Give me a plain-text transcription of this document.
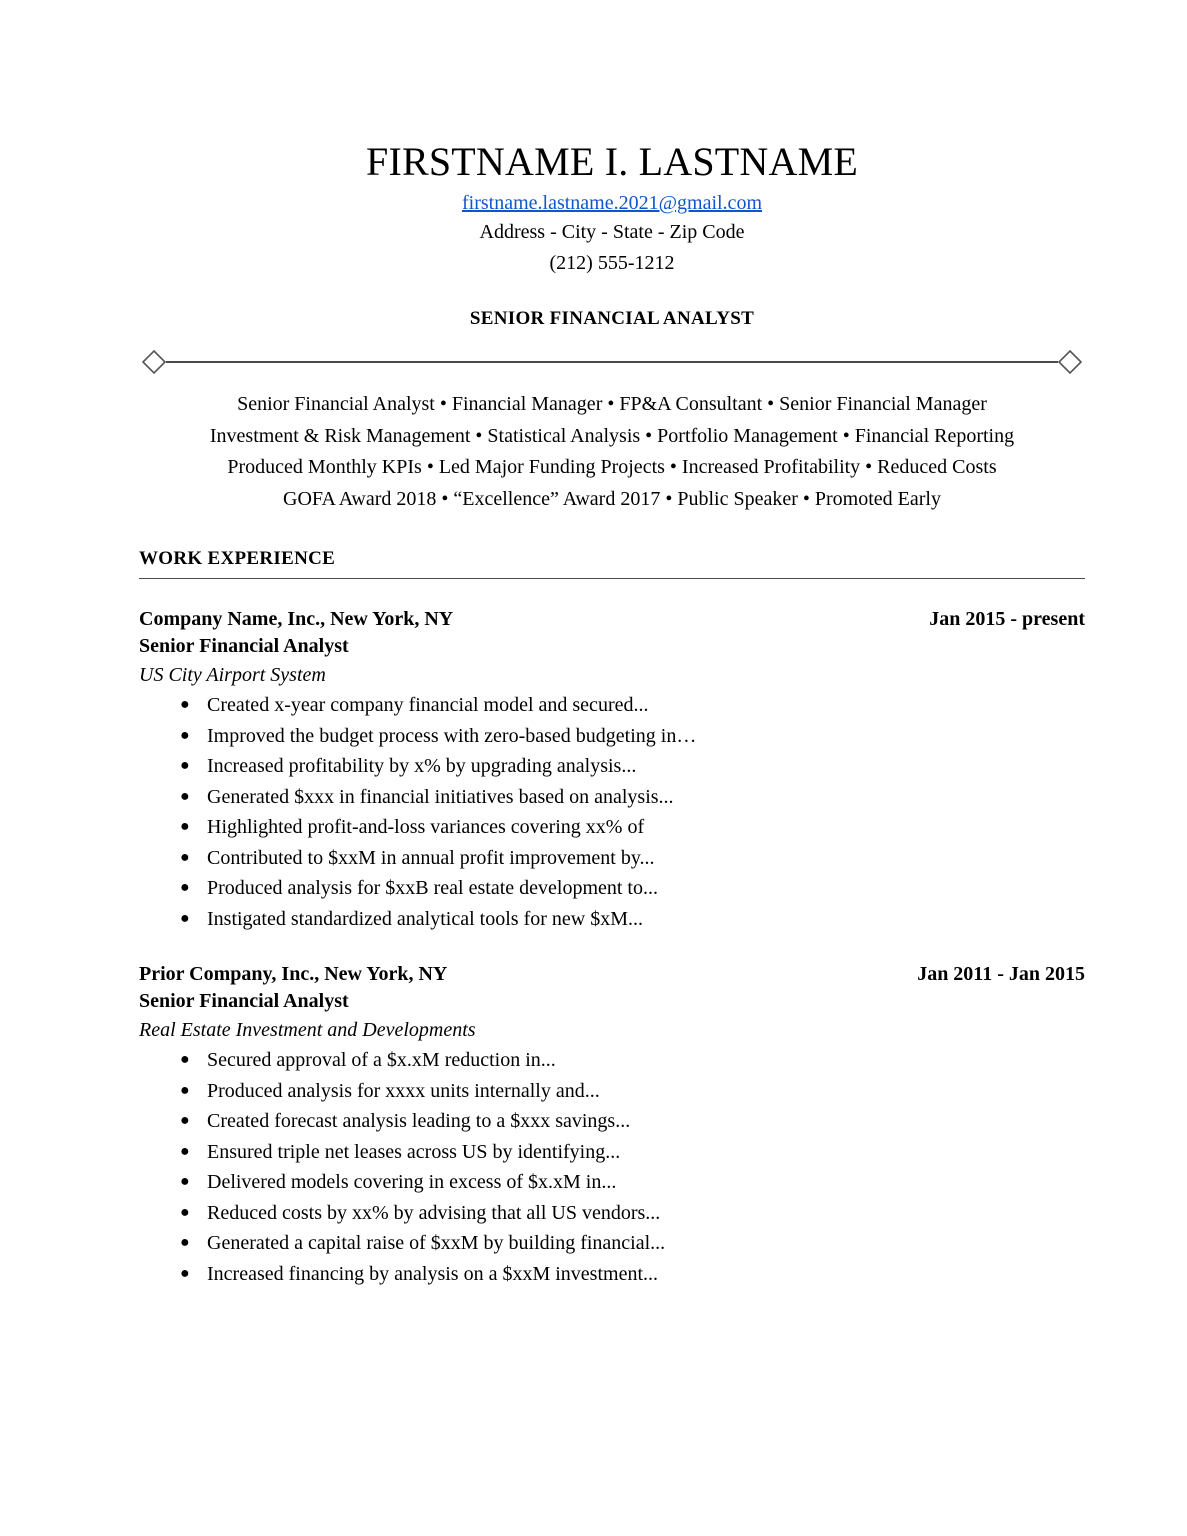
FIRSTNAME I. LASTNAME
firstname.lastname.2021@gmail.com
Address - City - State - Zip Code
(212) 555-1212
SENIOR FINANCIAL ANALYST
Senior Financial Analyst • Financial Manager • FP&A Consultant • Senior Financial Manager
Investment & Risk Management • Statistical Analysis • Portfolio Management • Financial Reporting
Produced Monthly KPIs • Led Major Funding Projects • Increased Profitability • Reduced Costs
GOFA Award 2018 • “Excellence” Award 2017 • Public Speaker • Promoted Early
WORK EXPERIENCE
Company Name, Inc., New York, NY	Jan 2015 - present
Senior Financial Analyst
US City Airport System
● Created x-year company financial model and secured...
● Improved the budget process with zero-based budgeting in…
● Increased profitability by x% by upgrading analysis...
● Generated $xxx in financial initiatives based on analysis...
● Highlighted profit-and-loss variances covering xx% of
● Contributed to $xxM in annual profit improvement by...
● Produced analysis for $xxB real estate development to...
● Instigated standardized analytical tools for new $xM...
Prior Company, Inc., New York, NY	Jan 2011 - Jan 2015
Senior Financial Analyst
Real Estate Investment and Developments
● Secured approval of a $x.xM reduction in...
● Produced analysis for xxxx units internally and...
● Created forecast analysis leading to a $xxx savings...
● Ensured triple net leases across US by identifying...
● Delivered models covering in excess of $x.xM in...
● Reduced costs by xx% by advising that all US vendors...
● Generated a capital raise of $xxM by building financial...
● Increased financing by analysis on a $xxM investment...
